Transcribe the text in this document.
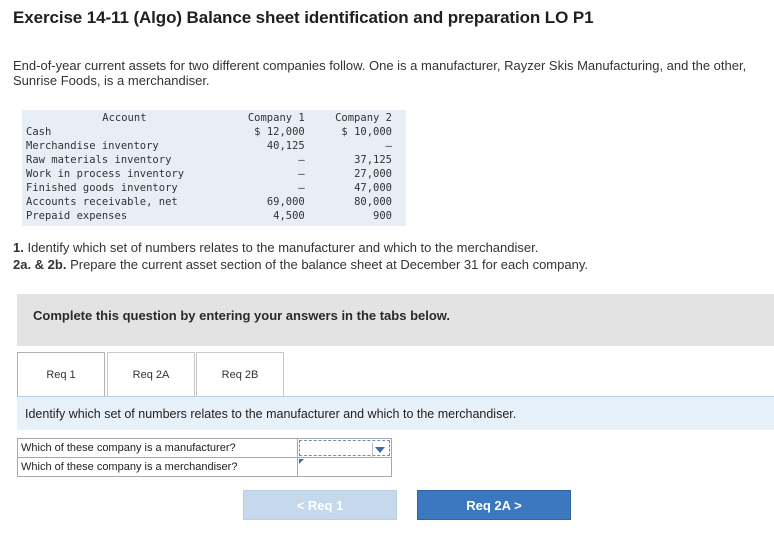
Exercise 14-11 (Algo) Balance sheet identification and preparation LO P1
End-of-year current assets for two different companies follow. One is a manufacturer, Rayzer Skis Manufacturing, and the other, Sunrise Foods, is a merchandiser.
Account	Company 1	Company 2
Cash	$ 12,000	$ 10,000
Merchandise inventory	40,125	–
Raw materials inventory	–	37,125
Work in process inventory	–	27,000
Finished goods inventory	–	47,000
Accounts receivable, net	69,000	80,000
Prepaid expenses	4,500	900
1. Identify which set of numbers relates to the manufacturer and which to the merchandiser.
2a. & 2b. Prepare the current asset section of the balance sheet at December 31 for each company.
Complete this question by entering your answers in the tabs below.
Req 1	Req 2A	Req 2B
Identify which set of numbers relates to the manufacturer and which to the merchandiser.
Which of these company is a manufacturer?	

Which of these company is a merchandiser?	
< Req 1	Req 2A >
